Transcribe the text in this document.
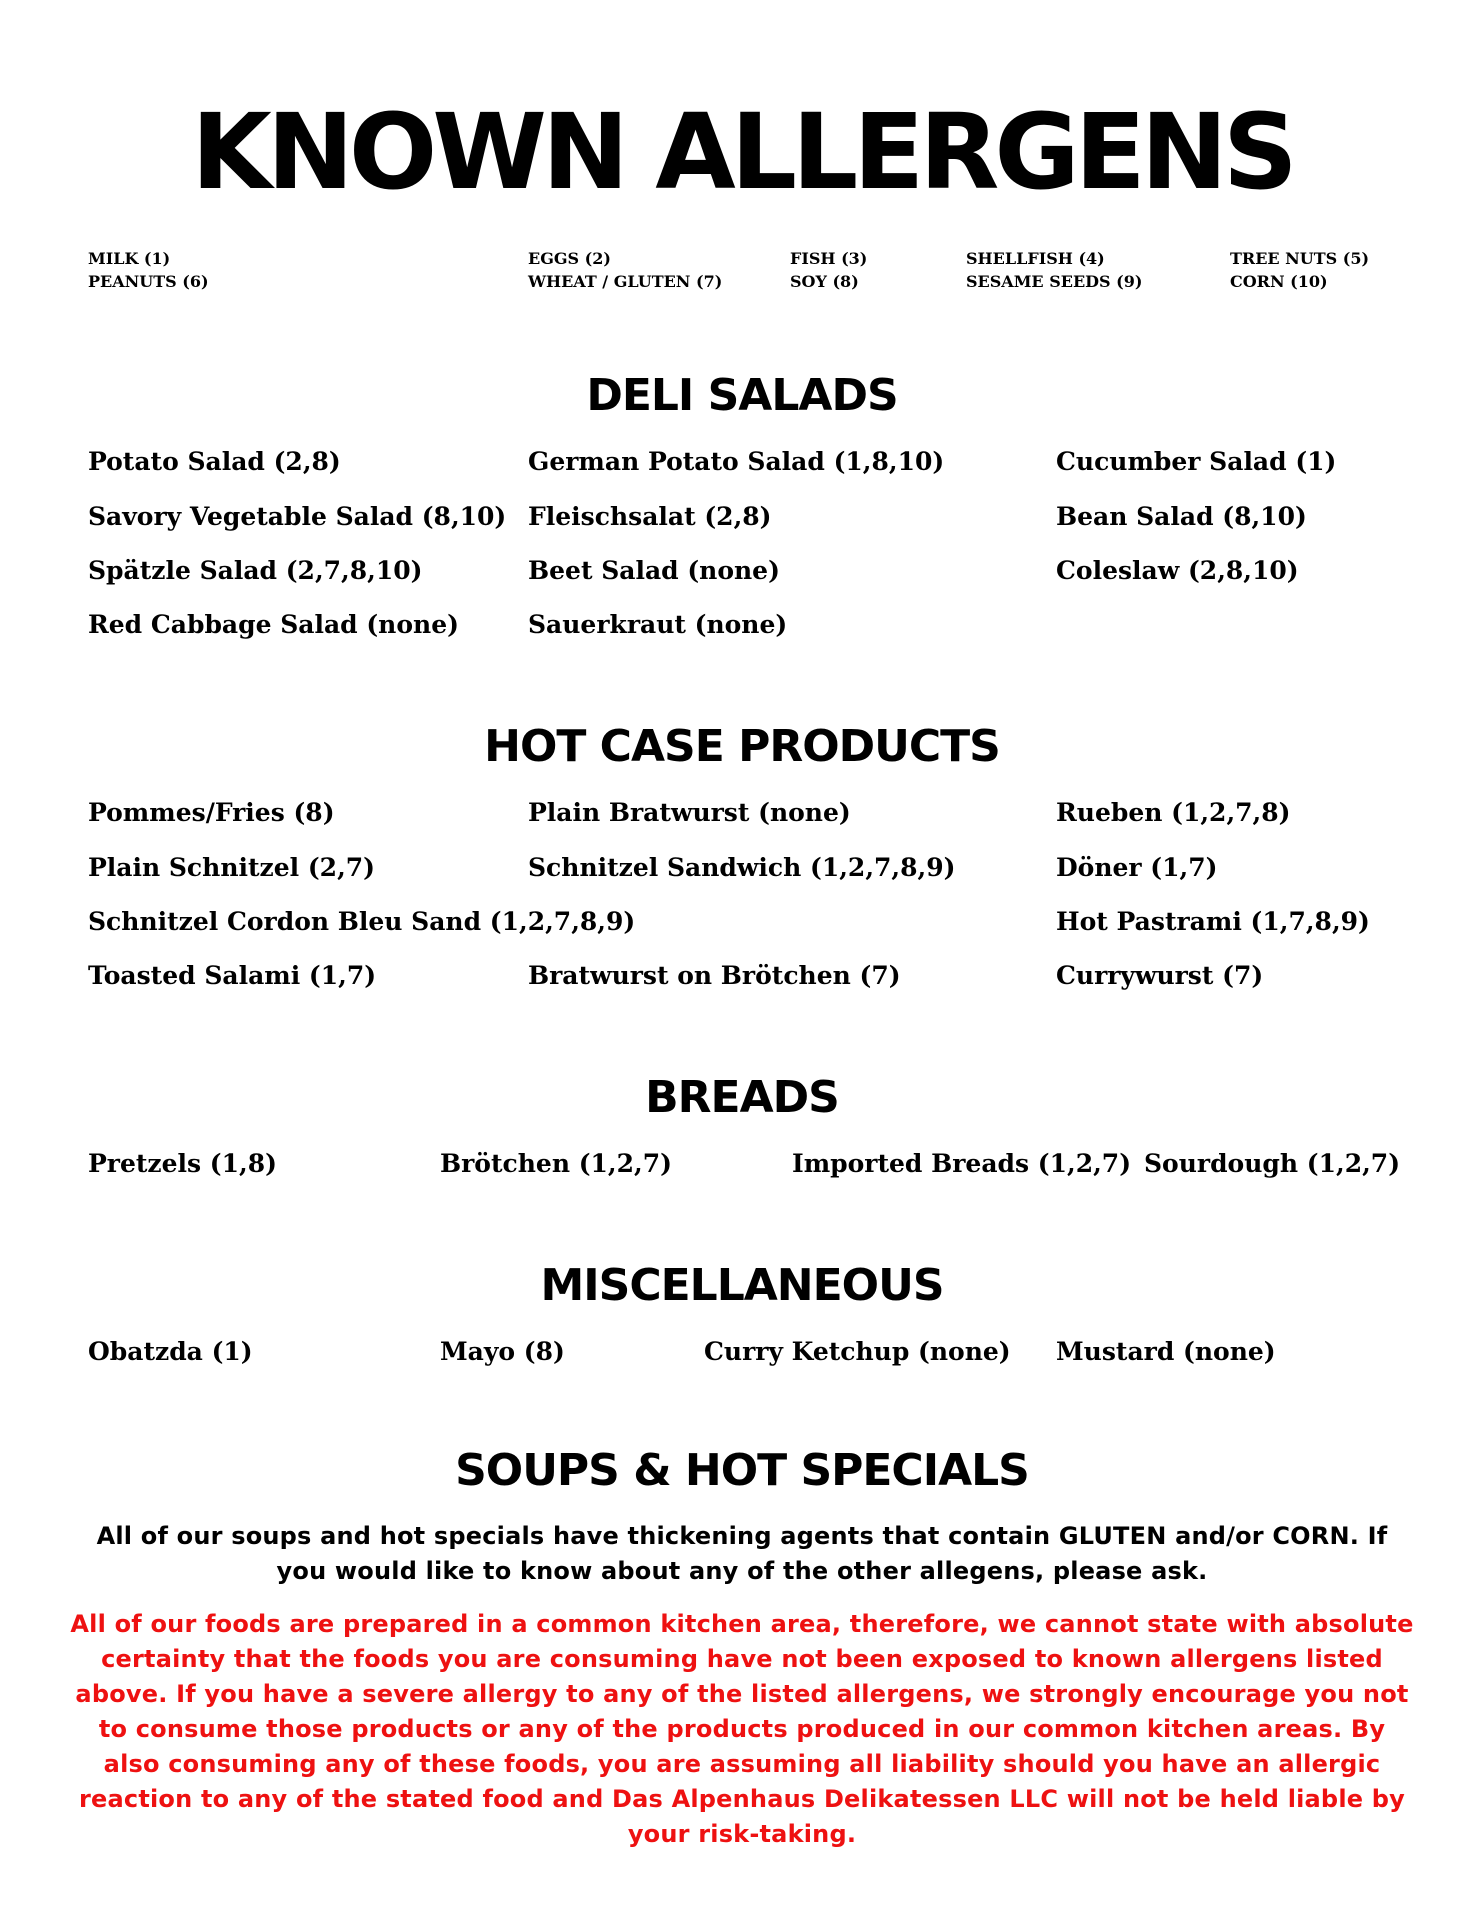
KNOWN ALLERGENS
MILK (1)	EGGS (2)	FISH (3)	SHELLFISH (4)	TREE NUTS (5)
PEANUTS (6)	WHEAT / GLUTEN (7)	SOY (8)	SESAME SEEDS (9)	CORN (10)
DELI SALADS
Potato Salad (2,8)	German Potato Salad (1,8,10)	Cucumber Salad (1)
Savory Vegetable Salad (8,10) Fleischsalat (2,8)	Bean Salad (8,10)
Spätzle Salad (2,7,8,10)	Beet Salad (none)	Coleslaw (2,8,10)
Red Cabbage Salad (none)	Sauerkraut (none)
HOT CASE PRODUCTS
Pommes/Fries (8)	Plain Bratwurst (none)	Rueben (1,2,7,8)
Plain Schnitzel (2,7)	Schnitzel Sandwich (1,2,7,8,9)	Döner (1,7)
Schnitzel Cordon Bleu Sand (1,2,7,8,9)	Hot Pastrami (1,7,8,9)
Toasted Salami (1,7)	Bratwurst on Brötchen (7)	Currywurst (7)
BREADS
Pretzels (1,8)	Brötchen (1,2,7)	Imported Breads (1,2,7) Sourdough (1,2,7)
MISCELLANEOUS
Obatzda (1)	Mayo (8)	Curry Ketchup (none) Mustard (none)
SOUPS & HOT SPECIALS
All of our soups and hot specials have thickening agents that contain GLUTEN and/or CORN. If you would like to know about any of the other allegens, please ask.
All of our foods are prepared in a common kitchen area, therefore, we cannot state with absolute certainty that the foods you are consuming have not been exposed to known allergens listed above. If you have a severe allergy to any of the listed allergens, we strongly encourage you not to consume those products or any of the products produced in our common kitchen areas. By also consuming any of these foods, you are assuming all liability should you have an allergic reaction to any of the stated food and Das Alpenhaus Delikatessen LLC will not be held liable by your risk-taking.
